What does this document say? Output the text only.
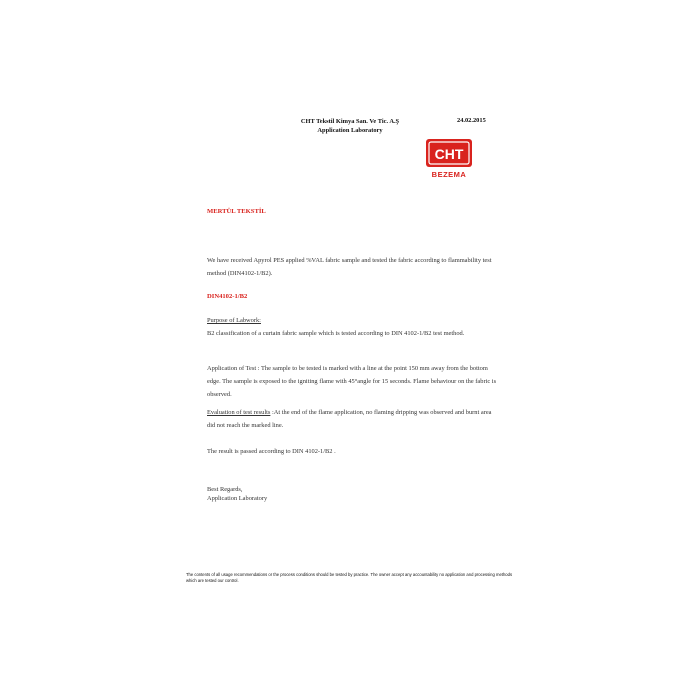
CHT Tekstil Kimya San. Ve Tic. A.Ş
Application Laboratory
24.02.2015
CHT
BEZEMA
MERTÜL TEKSTİL
We have received Apyrol PES applied %VAL fabric sample and tested the fabric according to flammability test method (DIN4102-1/B2).
DIN4102-1/B2
Purpose of Labwork:
B2 classification of a curtain fabric sample which is tested according to DIN 4102-1/B2 test method.
Application of Test : The sample to be tested is marked with a line at the point 150 mm away from the bottom edge. The sample is exposed to the igniting flame with 45°angle for 15 seconds. Flame behaviour on the fabric is observed.
Evaluation of test results :At the end of the flame application, no flaming dripping was observed and burnt area did not reach the marked line.
The result is passed according to DIN 4102-1/B2 .
Best Regards,
Application Laboratory
The contents of all usage recommendations or the process conditions should be tested by practice. The owner accept any accountability no application and processing methods which are tested our control.
